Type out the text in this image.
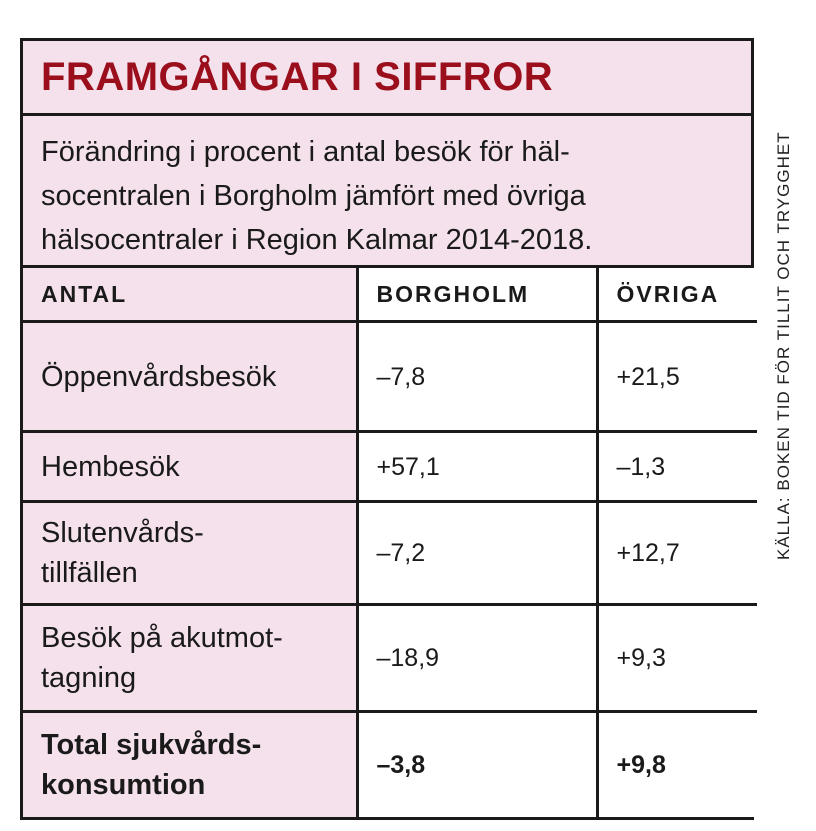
FRAMGÅNGAR I SIFFROR
Förändring i procent i antal besök för häl-
socentralen i Borgholm jämfört med övriga
hälsocentraler i Region Kalmar 2014-2018.
ANTAL	BORGHOLM	ÖVRIGA

Öppenvårdsbesök	–7,8	+21,5

Hembesök	+57,1	–1,3

Slutenvårds-
tillfällen	–7,2	+12,7

Besök på akutmot-
tagning	–18,9	+9,3

Total sjukvårds-
konsumtion	–3,8	+9,8
KÄLLA: BOKEN TID FÖR TILLIT OCH TRYGGHET
